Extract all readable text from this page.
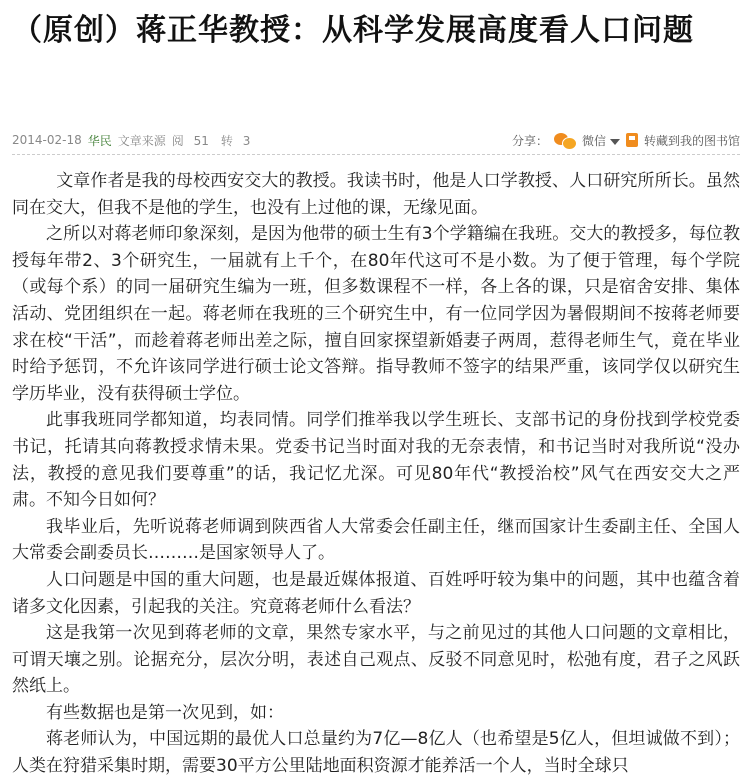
（原创）蒋正华教授：从科学发展高度看人口问题
2014-02-18 华民 文章来源 阅 51	转 3	分享：	微信	转藏到我的图书馆

文章作者是我的母校西安交大的教授。我读书时，他是人口学教授、人口研究所所长。虽然同在交大，但我不是他的学生，也没有上过他的课，无缘见面。

之所以对蒋老师印象深刻，是因为他带的硕士生有3个学籍编在我班。交大的教授多，每位教授每年带2、3个研究生，一届就有上千个，在80年代这可不是小数。为了便于管理，每个学院（或每个系）的同一届研究生编为一班，但多数课程不一样，各上各的课，只是宿舍安排、集体活动、党团组织在一起。蒋老师在我班的三个研究生中，有一位同学因为暑假期间不按蒋老师要求在校“干活”，而趁着蒋老师出差之际，擅自回家探望新婚妻子两周，惹得老师生气，竟在毕业时给予惩罚，不允许该同学进行硕士论文答辩。指导教师不签字的结果严重，该同学仅以研究生学历毕业，没有获得硕士学位。

此事我班同学都知道，均表同情。同学们推举我以学生班长、支部书记的身份找到学校党委书记，托请其向蒋教授求情未果。党委书记当时面对我的无奈表情，和书记当时对我所说“没办法，教授的意见我们要尊重”的话，我记忆尤深。可见80年代“教授治校”风气在西安交大之严肃。不知今日如何？

我毕业后，先听说蒋老师调到陕西省人大常委会任副主任，继而国家计生委副主任、全国人大常委会副委员长………是国家领导人了。

人口问题是中国的重大问题，也是最近媒体报道、百姓呼吁较为集中的问题，其中也蕴含着诸多文化因素，引起我的关注。究竟蒋老师什么看法？

这是我第一次见到蒋老师的文章，果然专家水平，与之前见过的其他人口问题的文章相比，可谓天壤之别。论据充分，层次分明，表述自己观点、反驳不同意见时，松弛有度，君子之风跃然纸上。

有些数据也是第一次见到，如：

蒋老师认为，中国远期的最优人口总量约为7亿—8亿人（也希望是5亿人，但坦诚做不到）；人类在狩猎采集时期，需要30平方公里陆地面积资源才能养活一个人，当时全球只
